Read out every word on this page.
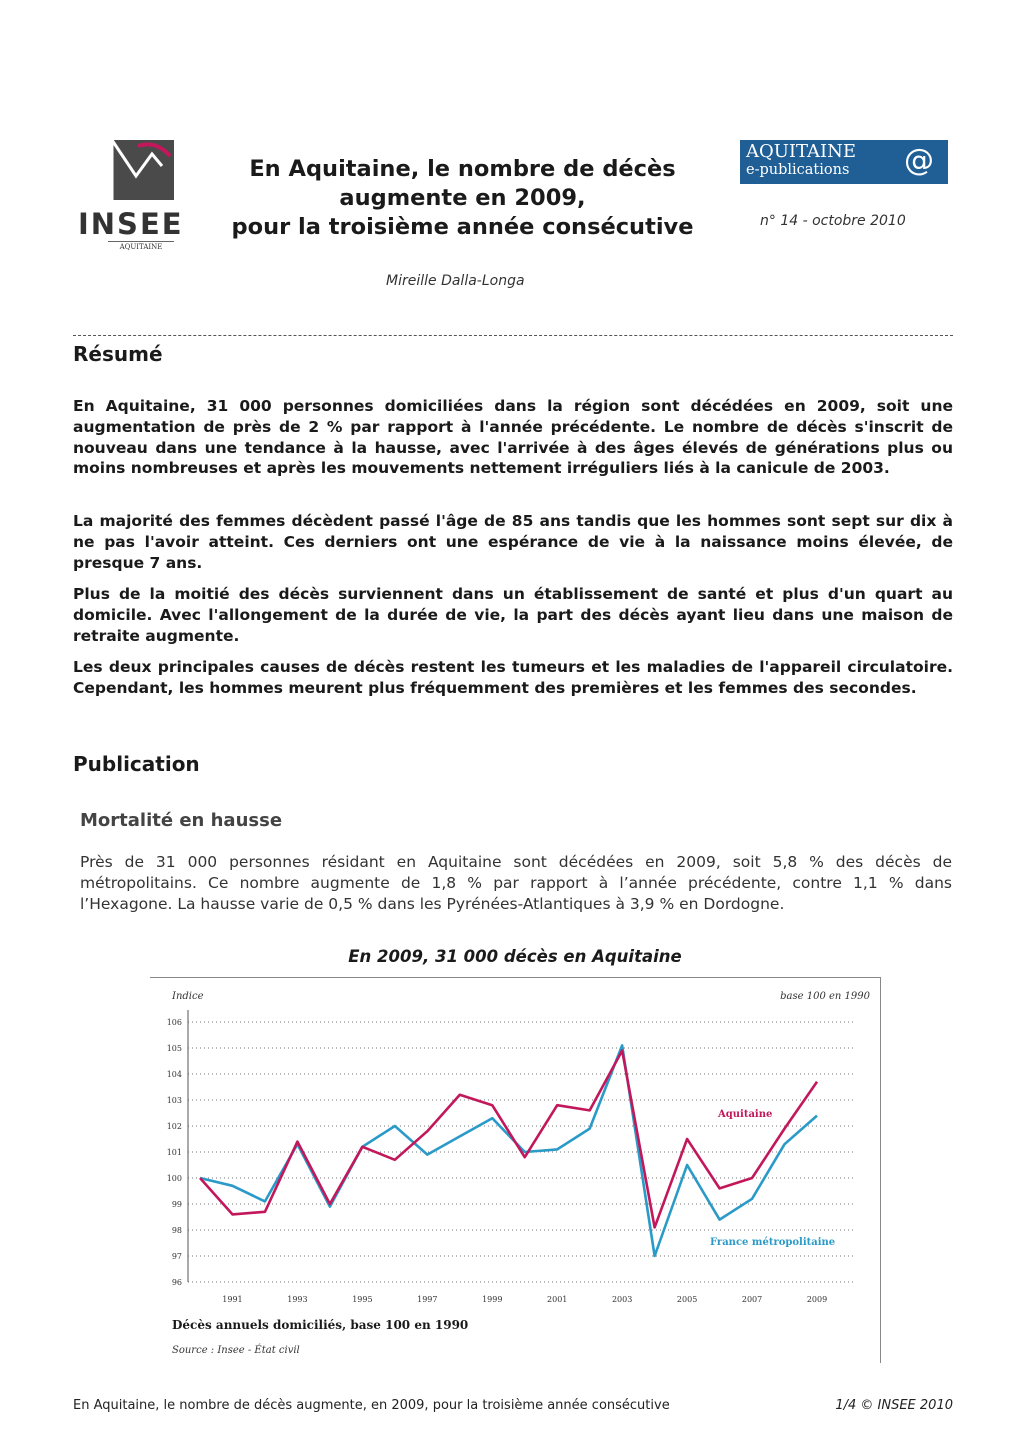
INSEE
AQUITAINE
En Aquitaine, le nombre de décès
augmente en 2009,
pour la troisième année consécutive
AQUITAINE
e-publications @
n° 14 - octobre 2010
Mireille Dalla-Longa
Résumé

En Aquitaine, 31 000 personnes domiciliées dans la région sont décédées en 2009, soit une augmentation de près de 2 % par rapport à l'année précédente. Le nombre de décès s'inscrit de nouveau dans une tendance à la hausse, avec l'arrivée à des âges élevés de générations plus ou moins nombreuses et après les mouvements nettement irréguliers liés à la canicule de 2003.

La majorité des femmes décèdent passé l'âge de 85 ans tandis que les hommes sont sept sur dix à ne pas l'avoir atteint. Ces derniers ont une espérance de vie à la naissance moins élevée, de presque 7 ans.

Plus de la moitié des décès surviennent dans un établissement de santé et plus d'un quart au domicile. Avec l'allongement de la durée de vie, la part des décès ayant lieu dans une maison de retraite augmente.

Les deux principales causes de décès restent les tumeurs et les maladies de l'appareil circulatoire. Cependant, les hommes meurent plus fréquemment des premières et les femmes des secondes.

Publication
Mortalité en hausse

Près de 31 000 personnes résidant en Aquitaine sont décédées en 2009, soit 5,8 % des décès de métropolitains. Ce nombre augmente de 1,8 % par rapport à l’année précédente, contre 1,1 % dans l’Hexagone. La hausse varie de 0,5 % dans les Pyrénées-Atlantiques à 3,9 % en Dordogne.

En 2009, 31 000 décès en Aquitaine
96
97
98
99
100
101
102
103
104
105
106
1991	1993	1995	1997	1999	2001	2003	2005	2007	2009
Indice	base 100 en 1990
Aquitaine
France métropolitaine
Décès annuels domiciliés, base 100 en 1990
Source : Insee - État civil
En Aquitaine, le nombre de décès augmente, en 2009, pour la troisième année consécutive	1/4 © INSEE 2010
